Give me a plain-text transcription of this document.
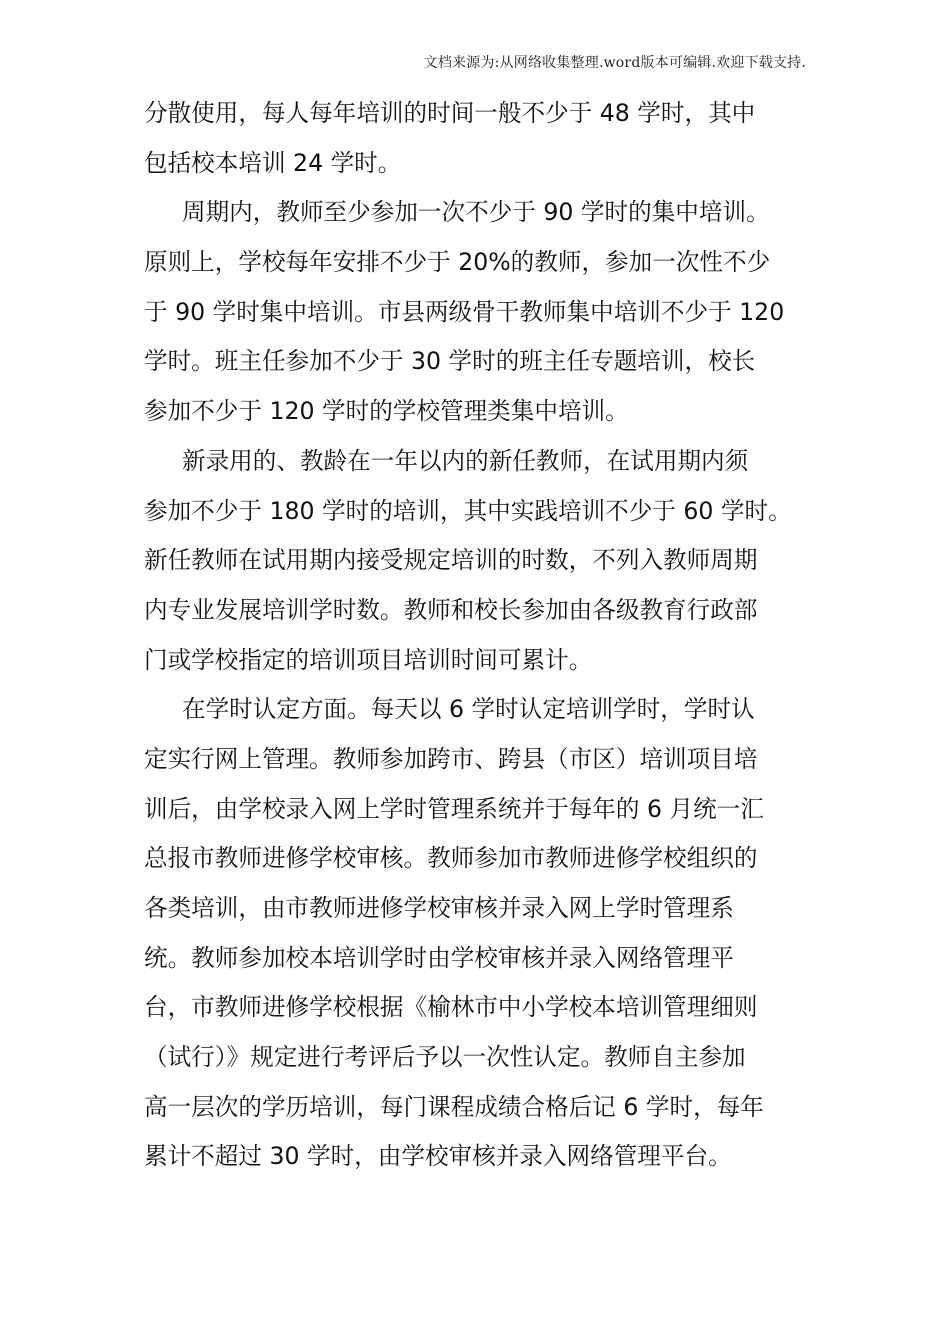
文档来源为:从网络收集整理.word版本可编辑.欢迎下载支持.
分散使用，每人每年培训的时间一般不少于 48 学时，其中
包括校本培训 24 学时。
周期内，教师至少参加一次不少于 90 学时的集中培训。
原则上，学校每年安排不少于 20%的教师，参加一次性不少
于 90 学时集中培训。市县两级骨干教师集中培训不少于 120
学时。班主任参加不少于 30 学时的班主任专题培训，校长
参加不少于 120 学时的学校管理类集中培训。
新录用的、教龄在一年以内的新任教师，在试用期内须
参加不少于 180 学时的培训，其中实践培训不少于 60 学时。
新任教师在试用期内接受规定培训的时数，不列入教师周期
内专业发展培训学时数。教师和校长参加由各级教育行政部
门或学校指定的培训项目培训时间可累计。
在学时认定方面。每天以 6 学时认定培训学时，学时认
定实行网上管理。教师参加跨市、跨县（市区）培训项目培
训后，由学校录入网上学时管理系统并于每年的 6 月统一汇
总报市教师进修学校审核。教师参加市教师进修学校组织的
各类培训，由市教师进修学校审核并录入网上学时管理系
统。教师参加校本培训学时由学校审核并录入网络管理平
台，市教师进修学校根据《榆林市中小学校本培训管理细则
（试行）》规定进行考评后予以一次性认定。教师自主参加
高一层次的学历培训，每门课程成绩合格后记 6 学时，每年
累计不超过 30 学时，由学校审核并录入网络管理平台。
